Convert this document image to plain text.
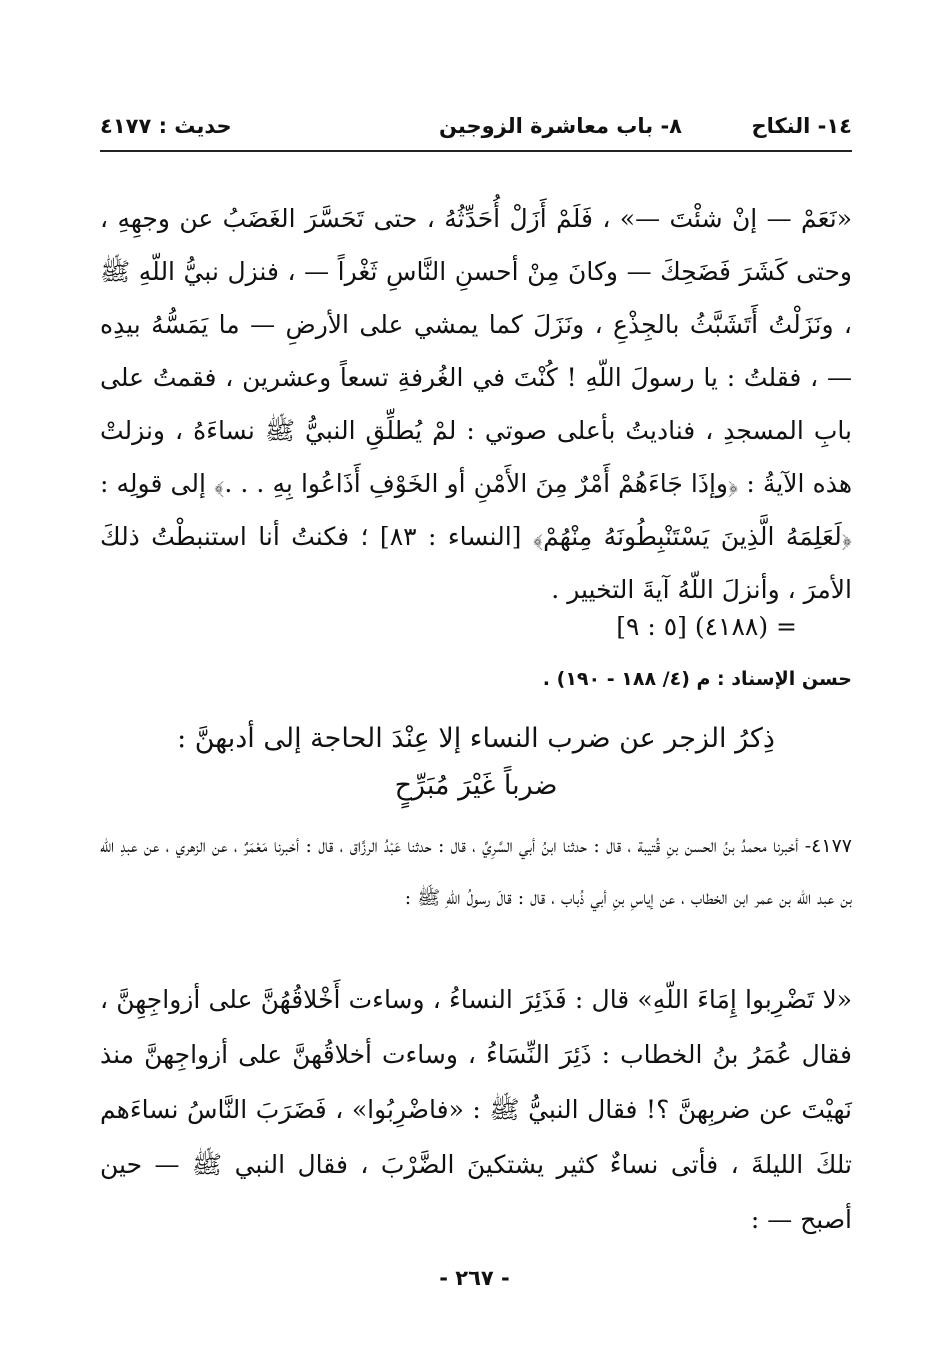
١٤- النكاح
٨- باب معاشرة الزوجين
حديث : ٤١٧٧

«نَعَمْ — إنْ شئْتَ —» ، فَلَمْ أَزَلْ أُحَدِّثُهُ ، حتى تَحَسَّرَ الغَضَبُ عن وجهِهِ ، وحتى كَشَرَ فَضَحِكَ — وكانَ مِنْ أحسنِ النَّاسِ ثَغْراً — ، فنزل نبيُّ اللّهِ ﷺ ، ونَزَلْتُ أَتَشَبَّثُ بالجِذْعِ ، ونَزَلَ كما يمشي على الأرضِ — ما يَمَسُّهُ بيدِه — ، فقلتُ : يا رسولَ اللّهِ ! كُنْتَ في الغُرفةِ تسعاً وعشرين ، فقمتُ على بابِ المسجدِ ، فناديتُ بأعلى صوتي : لمْ يُطلِّقِ النبيُّ ﷺ نساءَهُ ، ونزلتْ هذه الآيةُ : ﴿وإذَا جَاءَهُمْ أَمْرٌ مِنَ الأَمْنِ أو الخَوْفِ أَذَاعُوا بِهِ . . .﴾ إلى قولِه : ﴿لَعَلِمَهُ الَّذِينَ يَسْتَنْبِطُونَهُ مِنْهُمْ﴾ [النساء : ٨٣] ؛ فكنتُ أنا استنبطْتُ ذلكَ الأمرَ ، وأنزلَ اللّهُ آيةَ التخيير .

= (٤١٨٨) [٥ : ٩]
حسن الإسناد : م (٤/ ١٨٨ - ١٩٠) .
ذِكرُ الزجر عن ضرب النساء إلا عِنْدَ الحاجة إلى أدبهنَّ :
ضرباً غَيْرَ مُبَرِّحٍ

٤١٧٧- أخبرنا محمدُ بنُ الحسن بنِ قُتيبة ، قال : حدثنا ابنُ أبي السَّرِيِّ ، قال : حدثنا عَبْدُ الرزَّاق ، قال : أخبرنا مَعْمَرٌ ، عن الزهري ، عن عبدِ اللّه بن عبد اللّه بن عمر ابن الخطاب ، عن إياسِ بنِ أبي ذُباب ، قال : قالَ رسولُ اللّهِ ﷺ :

«لا تَضْرِبوا إِمَاءَ اللّهِ» قال : فَذَئِرَ النساءُ ، وساءت أَخْلاقُهُنَّ على أزواجِهِنَّ ، فقال عُمَرُ بنُ الخطاب : ذَئِرَ النِّسَاءُ ، وساءت أخلاقُهنَّ على أزواجِهنَّ منذ نَهيْتَ عن ضربِهنَّ ؟! فقال النبيُّ ﷺ : «فاضْرِبُوا» ، فَضَرَبَ النَّاسُ نساءَهم تلكَ الليلةَ ، فأتى نساءٌ كثير يشتكينَ الضَّرْبَ ، فقال النبي ﷺ — حين أصبح — :

- ٢٦٧ -
